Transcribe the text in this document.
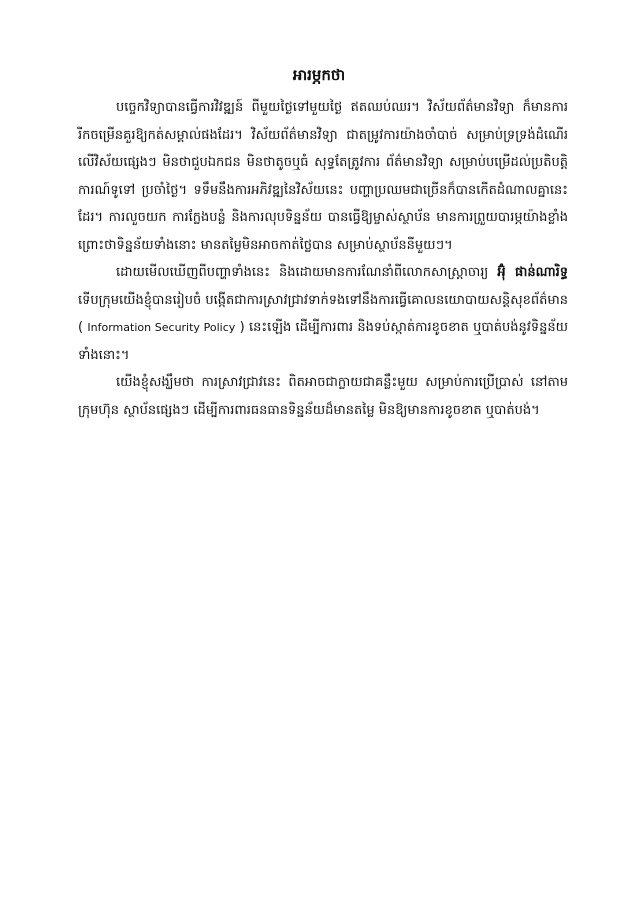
អារម្ភកថា

បច្ចេកវិទ្យាបានធ្វើការវិវឌ្ឍន៍ ពីមួយថ្ងៃទៅមួយថ្ងៃ ឥតឈប់ឈរ។ វិស័យព័ត៌មានវិទ្យា ក៏មានការរីកចម្រើនគួរឱ្យកត់សម្គាល់ផងដែរ។ វិស័យព័ត៌មានវិទ្យា ជាតម្រូវការយ៉ាងចាំបាច់ សម្រាប់ទ្រទ្រង់ដំណើរ លើវិស័យផ្សេងៗ មិនថាជួបឯកជន មិនថាតូចឬធំ សុទ្ធតែត្រូវការ ព័ត៌មានវិទ្យា សម្រាប់បម្រើដល់ប្រតិបត្តិការណ៍ទូទៅ ប្រចាំថ្ងៃ។ ទទឹមនឹងការអភិវឌ្ឍនៃវិស័យនេះ បញ្ហាប្រឈមជាច្រើនក៏បានកើតដំណាលគ្នានេះដែរ។ ការលួចយក ការក្លែងបន្លំ និងការលុបទិន្នន័យ បានធ្វើឱ្យម្ចាស់ស្ថាប័ន មានការព្រួយបារម្ភយ៉ាងខ្លាំង ព្រោះថាទិន្នន័យទាំងនោះ មានតម្លៃមិនអាចកាត់ថ្លៃបាន សម្រាប់ស្ថាប័ននីមួយៗ។

ដោយមើលឃើញពីបញ្ហាទាំងនេះ និងដោយមានការណែនាំពីលោកសាស្ត្រាចារ្យ អ៊ុំ ផាន់ណារិទ្ធ ទើបក្រុមយើងខ្ញុំបានរៀបចំ បង្កើតជាការស្រាវជ្រាវទាក់ទងទៅនឹងការធ្វើគោលនយោបាយសន្តិសុខព័ត៌មាន ( Information Security Policy ) នេះឡើង ដើម្បីការពារ និងទប់ស្កាត់ការខូចខាត ឬបាត់បង់នូវទិន្នន័យទាំងនោះ។

យើងខ្ញុំសង្ឃឹមថា ការស្រាវជ្រាវនេះ ពិតអាចជាក្លាយជាគន្លឹះមួយ សម្រាប់ការប្រើប្រាស់ នៅតាមក្រុមហ៊ុន ស្ថាប័នផ្សេងៗ ដើម្បីការពារធនធានទិន្នន័យដ៏មានតម្លៃ មិនឱ្យមានការខូចខាត ឬបាត់បង់។
